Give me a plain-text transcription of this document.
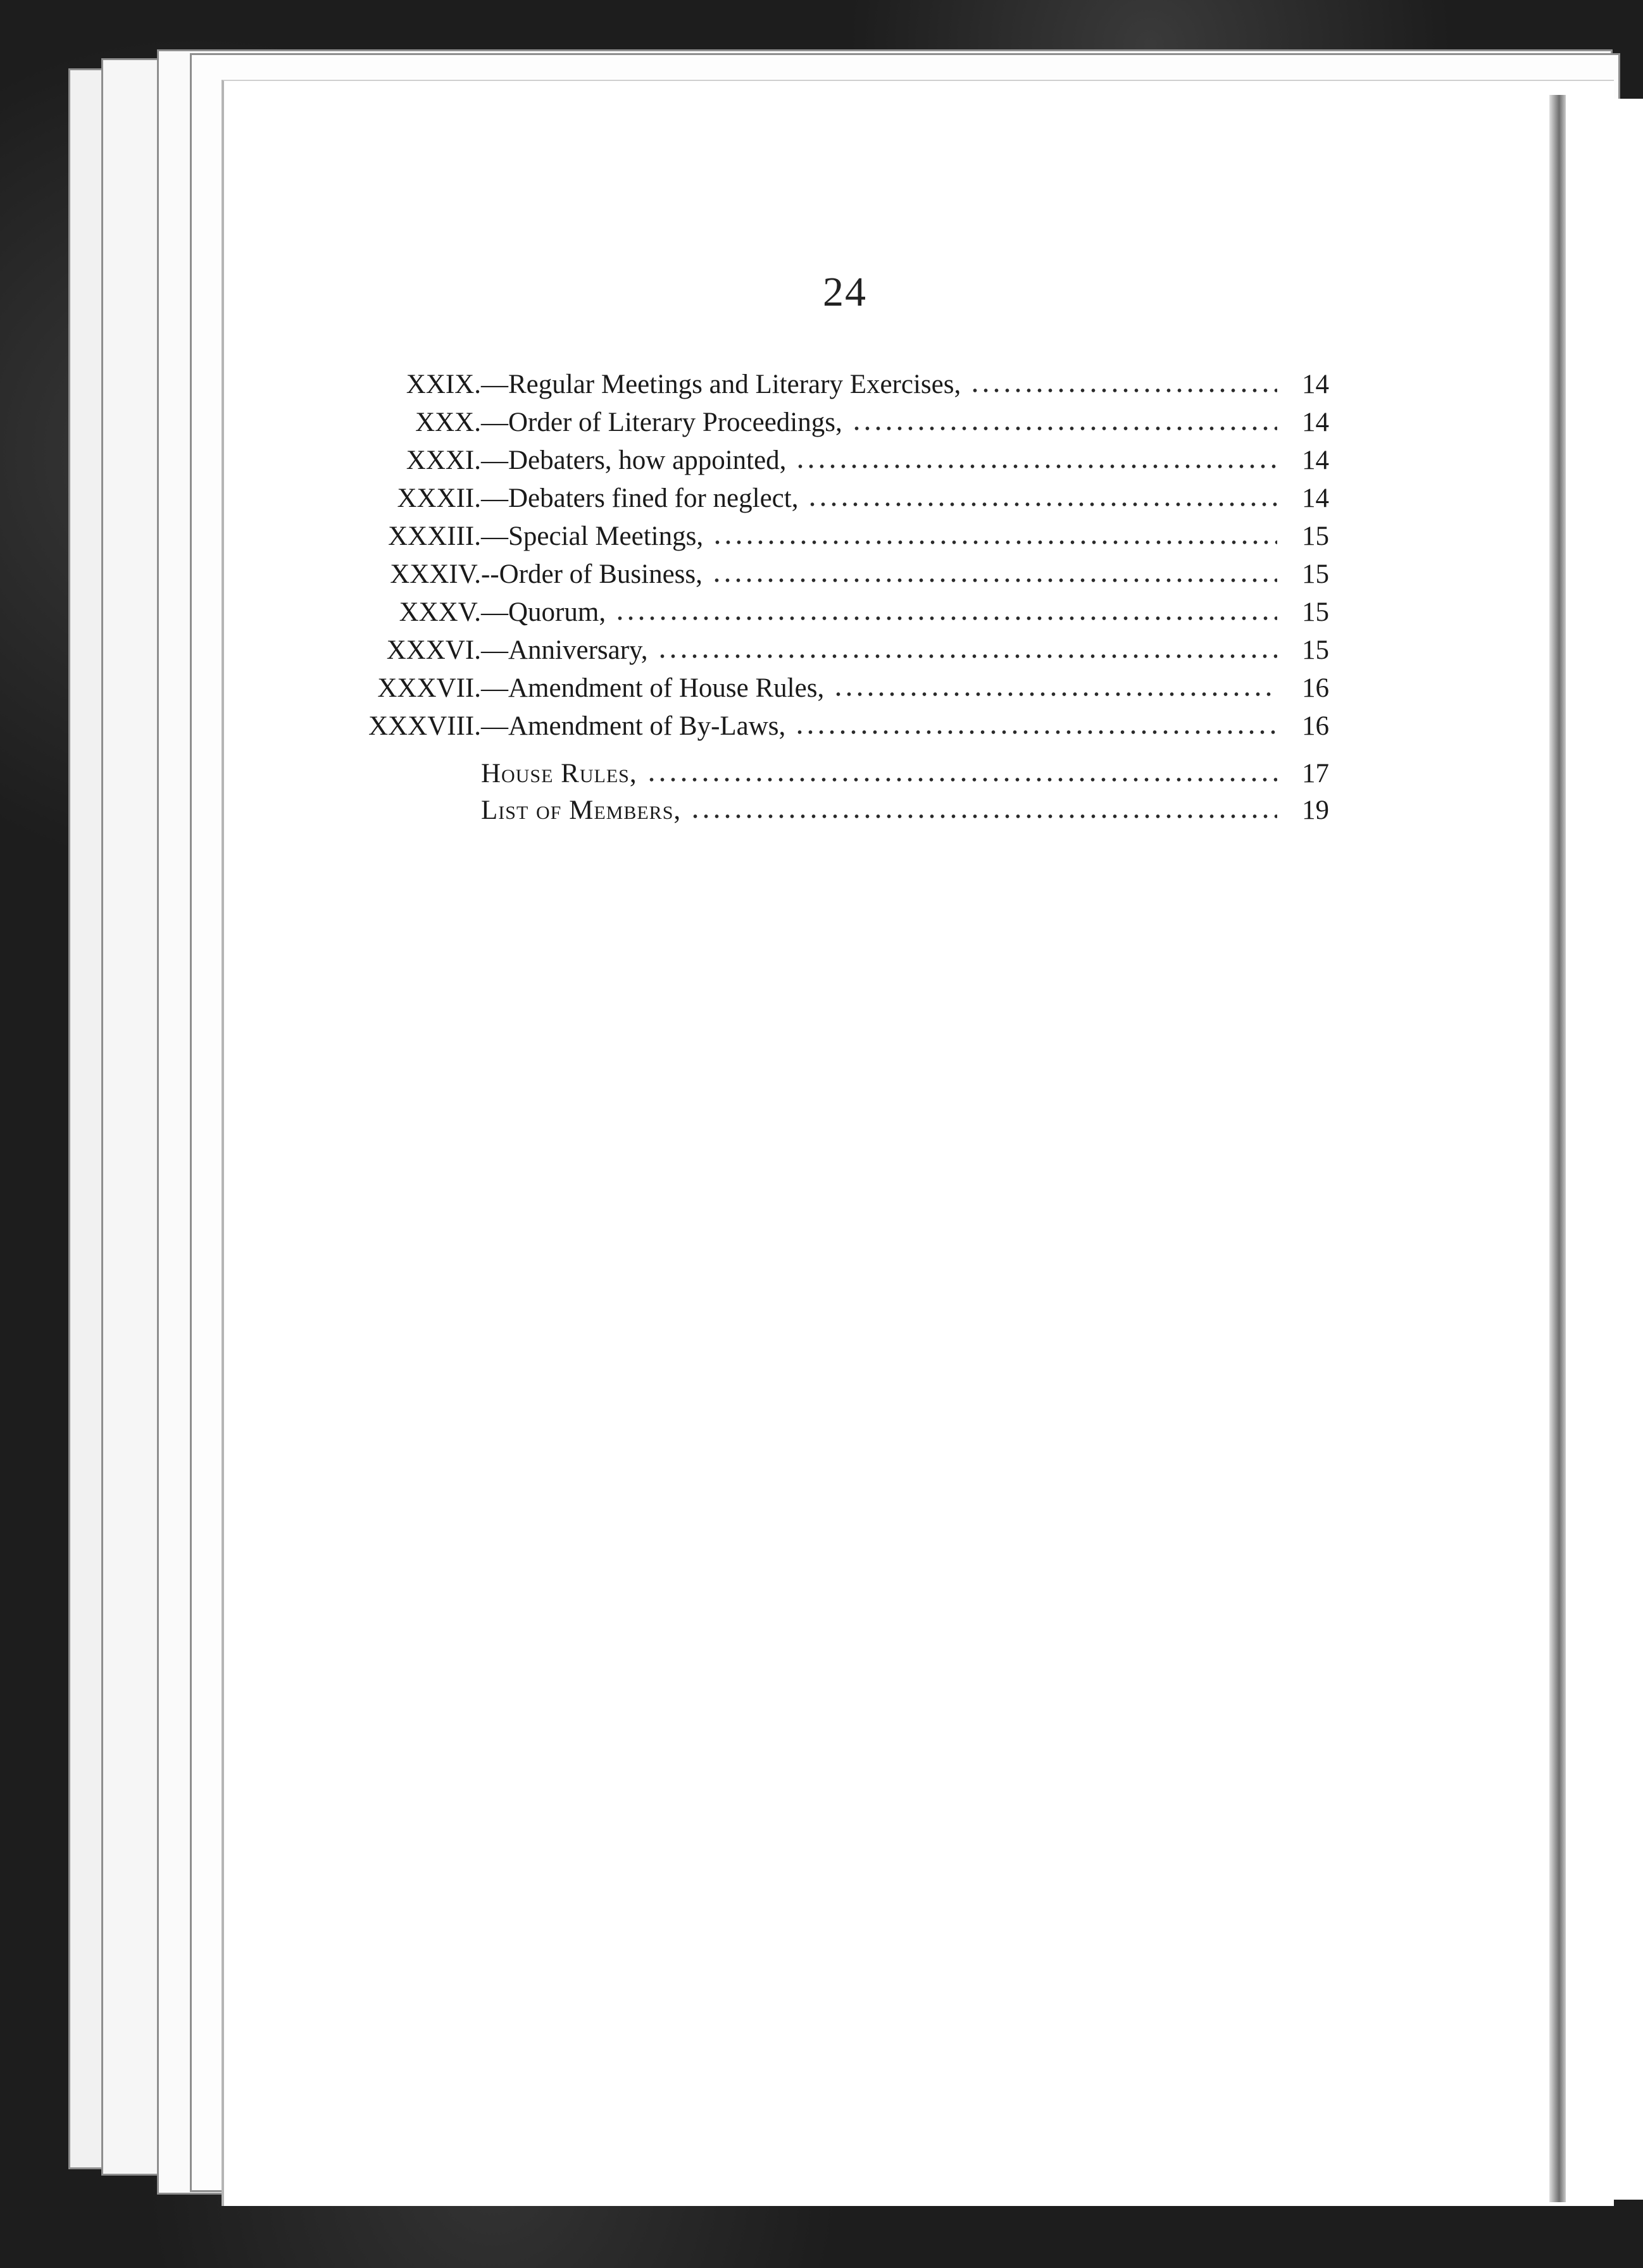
24
XXIX. —Regular Meetings and Literary Exercises,	14
XXX. —Order of Literary Proceedings,	14
XXXI. —Debaters, how appointed,	14
XXXII. —Debaters fined for neglect,	14
XXXIII. —Special Meetings,	15
XXXIV. --Order of Business,	15
XXXV. —Quorum,	15
XXXVI. —Anniversary,	15
XXXVII. —Amendment of House Rules,	16
XXXVIII. —Amendment of By-Laws,	16
House Rules,	17
List of Members,	19
